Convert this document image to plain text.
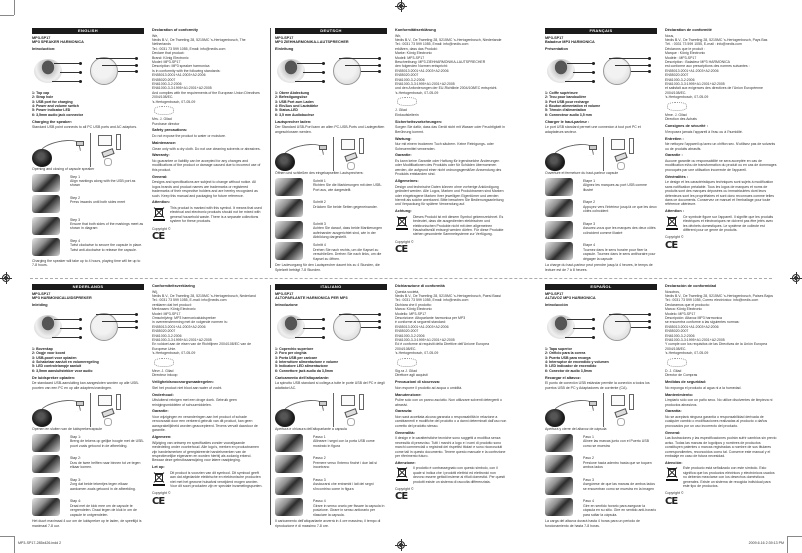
ENGLISH
MP3-SP17
MP3 SPEAKER HARMONICA
Introduction:
1: Top cap
2: Strap hole
3: USB port for charging
4: Power and volume switch
5: Power indicator LED
6: 3,5mm audio jack connector
Charging the speaker:
Standard USB point connects to all PC USB ports and AC adaptors.
Opening and closing of capsule speaker
Step 1
Align markings along with the USB port as shown
Step 2
Press inwards until both sides meet
Step 3
Ensure that both sides of the markings meet as shown in diagram
Step 4
Twist clockwise to secure the capsule in place. Twist anti-clockwise to release the capsule.
Charging the speaker will take up to 4 hours, playing time will be up to 7-8 hours.
Declaration of conformity
We,
Nedis B.V., De Tweeling 28, 5215MC 's-Hertogenbosch, The Netherlands
Tel.: 0031 73 599 1055, Email: info@nedis.com
Declare that product:
Brand: König Electronic
Model: MP3-SP17
Description: MP3 speaker harmonica
Is in conformity with the following standards:
EN55013:2001+A1:2003+A2:2006
EN55020:2007
EN61000-3-2:2006
EN61000-3-3:1995+A1:2001+A2:2005
And complies with the requirements of the European Union Directives 2004/108/EC.
's-Hertogenbosch, 07-05-09
Mrs. J. Gilad
Purchase director
Safety precautions:
Do not expose the product to water or moisture.
Maintenance:
Clean only with a dry cloth. Do not use cleaning solvents or abrasives.
Warranty:
No guarantee or liability can be accepted for any changes and modifications of the product or damage caused due to incorrect use of this product.
General:
Designs and specifications are subject to change without notice. All logos brands and product names are trademarks or registered trademarks of their respective holders and are hereby recognized as such. Keep this manual and packaging for future reference.
Attention:
This product is marked with this symbol. It means that used electrical and electronic products should not be mixed with general household waste. There is a separate collections system for these products.
Copyright ©
CE
DEUTSCH
MP3-SP17
MP3 ZIEHHARMONIKA-LAUTSPRECHER
Einleitung
1: Obere Abdeckung
2: Befestigungsöse
3: USB Port zum Laden
4: Ein/Aus und Lautstärke
5: Status-LED
6: 3,5 mm Audiobuchse
Lautsprecher laden:
Der Standard USB-Port kann an allen PC-USB-Ports und Ladegeräten angeschlossen werden.
Öffnen und schließen des eingekapselten Lautsprechers:
Schritt 1
Richten Sie die Markierungen mit dem USB-Port aus, wie dargestellt.
Schritt 2
Drücken Sie beide Seiten gegeneinander.
Schritt 3
Achten Sie darauf, dass beide Markierungen aufeinander ausgerichtet sind, wie in der Abbildung dargestellt.
Schritt 4
Drehen Sie nach rechts, um die Kapsel zu verschließen. Drehen Sie nach links, um die Kapsel zu öffnen.
Der Ladevorgang für den Lautsprecher dauert bis zu 4 Stunden, die Spielzeit beträgt 7-8 Stunden.
Konformitätserklärung
Wir,
Nedis B.V., De Tweeling 28, 5215MC 's-Hertogenbosch, Niederlande
Tel.: 0031 73 599 1055, Email: info@nedis.com
erklären, dass das Produkt:
Marke: König Electronic
Modell: MP3-SP17
Beschreibung: MP3 ZIEHHARMONIKA-LAUTSPRECHER
den folgenden Normen entspricht:
EN55013:2001+A1:2003+A2:2006
EN55020:2007
EN61000-3-2:2006
EN61000-3-3:1995+A1:2001+A2:2005
und den Anforderungen der EU-Richtlinie 2004/108/EC entspricht.
's-Hertogenbosch, 07-05-09
J. Gilad
Einkaufsleiterin
Sicherheitsvorkehrungen:
Sorgen Sie dafür, dass das Gerät nicht mit Wasser oder Feuchtigkeit in Berührung kommt.
Wartung:
Nur mit einem trockenen Tuch säubern. Keine Reinigungs- oder Scheuermittel verwenden.
Garantie:
Es kann keine Garantie oder Haftung für irgendwelche Änderungen oder Modifikationen des Produkts oder für Schäden übernommen werden, die aufgrund einer nicht ordnungsgemäßen Anwendung des Produkts entstanden sind.
Allgemeines:
Design und technische Daten können ohne vorherige Ankündigung geändert werden. Alle Logos, Marken und Produktnamen sind Marken oder eingetragene Marken ihrer jeweiligen Eigentümer und werden hiermit als solche anerkannt. Bitte bewahren Sie Bedienungsanleitung und Verpackung für spätere Verwendung auf.
Achtung:
Dieses Produkt ist mit diesem Symbol gekennzeichnet. Es bedeutet, dass die ausgedienten elektrischen und elektronischen Produkte nicht mit dem allgemeinen Haushaltsmüll entsorgt werden dürfen. Für diese Produkte stehen gesonderte Sammelsysteme zur Verfügung.
Copyright ©
CE
FRANÇAIS
MP3-SP17
Baladeur MP3 HARMONICA
Présentation
1: Coiffe supérieure
2: Trou pour bandoulière
3: Port USB pour recharge
4: Bouton alimentation et volume
5: Témoin d'alimentation
6: Connecteur audio 3,5 mm
Charger le haut-parleur :
Le port USB standard permet une connexion à tout port PC et adaptateurs secteur.
Ouverture et fermeture du haut-parleur capsule
Etape 1
Alignez les marques au port USB comme illustré
Etape 2
Appuyez vers l'intérieur jusqu'à ce que les deux côtés coïncident
Etape 3
Assurez-vous que les marques des deux côtés coïncident comme illustré
Etape 4
Tournez dans le sens horaire pour fixer la capsule. Tournez dans le sens antihoraire pour dégager la capsule
La charge du haut-parleur peut prendre jusqu'à 4 heures, le temps de lecture est de 7 à 8 heures.
Déclaration de conformité
Nous,
Nedis B.V., De Tweeling 28, 5215MC 's-Hertogenbosch, Pays Bas
Tél. : 0031 73 599 1055, E-mail : info@nedis.com
Déclarons que le produit :
Marque : König Electronic
Modèle : MP3-SP17
Description : Baladeur MP3 HARMONICA
est conforme aux prescriptions des normes suivantes :
EN55013:2001+A1:2003+A2:2006
EN55020:2007
EN61000-3-2:2006
EN61000-3-3:1995+A1:2001+A2:2005
et satisfait aux exigences des directives de l'Union Européenne 2004/108/EC.
's-Hertogenbosch, 07-05-09
Mme. J. Gilad
Direction des Achats
Consignes de sécurité :
N'exposez jamais l'appareil à l'eau ou à l'humidité.
Entretien :
Ne nettoyez l'appareil qu'avec un chiffon sec. N'utilisez pas de solvants ou de produits abrasifs.
Garantie :
Aucune garantie ou responsabilité ne sera acceptée en cas de modification et/ou de transformation du produit ou en cas de dommages provoqués par une utilisation incorrecte de l'appareil.
Généralités :
Le design et les caractéristiques techniques sont sujets à modification sans notification préalable. Tous les logos de marques et noms de produits sont des marques déposées ou immatriculées dont leurs détenteurs sont les propriétaires et sont donc reconnues comme telles dans ce documents. Conservez ce manuel et l'emballage pour toute référence ultérieure.
Attention :
Ce symbole figure sur l'appareil. Il signifie que les produits électriques et électroniques ne doivent pas être jetés avec les déchets domestiques. Le système de collecte est différent pour ce genre de produits.
Copyright ©
CE
NEDERLANDS
MP3-SP17
MP3 HARMONICALUIDSPREKER
Inleiding
1: Bovenkap
2: Oogje voor koord
3: USB-poort voor opladen
4: Schakelaar aan/uit en volumeregeling
5: LED controlelampje aan/uit
6: 3,5mm aansluitstekker voor audio
De luidspreker opladen:
De standaard USB-aansluiting kan aangesloten worden op alle USB-poorten van een PC en op alle adapters/voedingen.
Openen en sluiten van de luidsprekercapsule
Stap 1:
Breng de tekens op gelijke hoogte met de USB-poort zoals getoond in de afbeelding.
Stap 2:
Duw de twee helften naar binnen tot ze tegen elkaar komen.
Stap 3:
Zorg dat beide tekentjes tegen elkaar aankomen zoals getoond in de afbeelding.
Stap 4:
Draai met de klok mee om de capsule te vergrendelen. Draai tegen de klok in om de capsule te ontgrendelen.
Het duurt maximaal 4 uur om de luidspreker op te laden, de speeltijd is maximaal 7-8 uur.
Conformiteitsverklaring
Wij,
Nedis B.V., De Tweeling 28, 5215MC 's-Hertogenbosch, Nederland
Tel.: 0031 73 599 1055, E-mail: info@nedis.com
verklaren dat het product:
Merknaam: König Electronic
Model: MP3-SP17
Omschrijving: MP3 harmonicaluidspreker
in overeenstemming met de volgende normen is:
EN55013:2001+A1:2003+A2:2006
EN55020:2007
EN61000-3-2:2006
EN61000-3-3:1995+A1:2001+A2:2005
En voldoet aan de eisen van de Richtlijnen 2004/108/EC van de Europese Unie.
's-Hertogenbosch, 07-05-09
Mevr. J. Gilad
Directeur inkoop
Veiligheidsvoorzorgsmaatregelen:
Stel het product niet bloot aan water of vocht.
Onderhoud:
Uitsluitend reinigen met een droge doek. Gebruik geen reinigingsmiddelen of schuurmiddelen.
Garantie:
Voor wijzigingen en veranderingen aan het product of schade veroorzaakt door een verkeerd gebruik van dit product, kan geen aansprakelijkheid worden geaccepteerd. Tevens vervalt daardoor de garantie.
Algemeen:
Wijziging van ontwerp en specificaties zonder voorafgaande mededeling onder voorbehoud. Alle logo's, merken en productnamen zijn handelsmerken of geregistreerde handelsmerken van de respectievelijke eigenaren en worden hierbij als zodanig erkend. Bewaar deze gebruiksaanwijzing voor latere raadpleging.
Let op:
Dit product is voorzien van dit symbool. Dit symbool geeft aan dat afgedankte elektrische en elektronische producten niet met het gewone huisafval verwijderd mogen worden. Voor dit soort producten zijn er speciale inzamelingspunten.
Copyright ©
CE
ITALIANO
MP3-SP17
ALTOPARLANTE HARMONICA PER MP3
Introduzione
1: Coperchio superiore
2: Foro per cinghia
3: Porta USB per caricare
4: Interruttore alimentazione e volume
5: Indicatore LED alimentazione
6: Connettore jack audio da 3,5mm
Caricamento dell'altoparlante:
La spinotto USB standard si collega a tutte le porte USB del PC e degli adattatori AC.
Apertura e chiusura dell'altoparlante a capsula
Passo 1
Allineare i segni con la porta USB come mostrato in figura
Passo 2
Premere verso l'interno finché i due lati si incontrano
Passo 3
Assicurarsi che entrambi i lati dei segni s'incontrino come in figura
Passo 4
Girare in senso orario per fissare la capsula in posizione. Girare in senso antiorario per rilasciare la capsula.
Il caricamento dell'altoparlante avverrà in 4 ore massimo, il tempo di riproduzione è di massimo 7-8 ore.
Dichiarazione di conformità
Questa società,
Nedis B.V., De Tweeling 28, 5215MC 's-Hertogenbosch, Paesi Bassi
Tel.: 0031 73 599 1055, Email: info@nedis.com
Dichiara che il prodotto:
Marca: König Electronic
Modello: MP3-SP17
Descrizione: Altoparlante harmonica per MP3
è conforme ai seguenti standard:
EN55013:2001+A1:2003+A2:2006
EN55020:2007
EN61000-3-2:2006
EN61000-3-3:1995+A1:2001+A2:2005
Ed è conforme ai requisiti della Direttive dell'Unione Europea 2004/108/EC.
's-Hertogenbosch, 07-05-09
Sig.ra J. Gilad
Direttore agli acquisti
Precauzioni di sicurezza:
Non esporre il prodotto ad acqua o umidità.
Manutenzione:
Pulire solo con un panno asciutto. Non utilizzare solventi detergenti o abrasivi.
Garanzia:
Non sarà accettata alcuna garanzia o responsabilità in relazione a cambiamenti e modifiche del prodotto o a danni determinati dall'uso non corretto del prodotto stesso.
Generalità:
Il design e le caratteristiche tecniche sono soggetti a modifica senza necessità di preavviso. Tutti i marchi a logo e i nomi di prodotto sono marchi commerciali o registrati dei rispettivi titolari e sono riconosciuti come tali in questo documento. Tenere questo manuale e la confezione per riferimento futuro.
Attenzione:
Il prodotto è contrassegnato con questo simbolo, con il quale si indica che i prodotti elettrici ed elettronici non devono essere gettati insieme ai rifiuti domestici. Per questi prodotti esiste un sistema di raccolta differenziata.
Copyright ©
CE
ESPAÑOL
MP3-SP17
ALTAVOZ MP3 HARMONICA
Introducción
1: Tapa superior
2: Orificio para la correa
3: Puerto USB para recarga
4: Interruptor de encendido y volumen
5: LED indicador de encendido
6: Conector de audio 3,5mm
Recargar el altavoz:
El punto de conexión USB estándar permite la conexión a todos los puertos USB de PC y Adaptadores de corriente (CA).
Apertura y cierre del altavoz de cápsula
Paso 1
Alinee las marcas junto con el Puerto USB como se muestra
Paso 2
Presione hacia adentro hasta que se toquen ambos lados
Paso 3
Asegúrese de que las marcas de ambos lados se encuentran como se muestra en la imagen
Paso 4
Gire en sentido horario para asegurar la cápsula en su sitio. Gire en sentido anti-horario para soltar la cápsula.
La carga del altavoz durará hasta 4 horas para un periodo de funcionamiento de hasta 7-8 horas.
Declaración de conformidad
Nosotros,
Nedis B.V., De Tweeling 28, 5215MC 's-Hertogenbosch, Países Bajos
Tel.: 0031 73 599 1055, Correo electrónico: info@nedis.com
Declaramos que el producto:
Marca: König Electronic
Modelo: MP3-SP17
Descripción: Altavoz MP3 harmonica
se encuentra conforme a las siguientes normas:
EN55013:2001+A1:2003+A2:2006
EN55020:2007
EN61000-3-2:2006
EN61000-3-3:1995+A1:2001+A2:2005
Y cumple con los requisitos de las Directivas de la Unión Europea 2004/108/EC.
's-Hertogenbosch, 07-05-09
D. J. Gilad
Director de Compras
Medidas de seguridad:
No exponga el producto al agua ni a la humedad.
Mantenimiento:
Limpiarlo sólo con un paño seco. No utilice disolventes de limpieza ni productos abrasivos.
Garantía:
No se aceptará ninguna garantía o responsabilidad derivada de cualquier cambio o modificaciones realizadas al producto o daños provocados por un uso incorrecto del producto.
General:
Las ilustraciones y las especificaciones podrán sufrir cambios sin previo aviso. Todas las marcas de logotipos y nombres de productos constituyen patentes o marcas registradas a nombre de sus titulares correspondientes, reconocidos como tal. Conserve este manual y el embalaje en caso de futura necesidad.
Atención:
Este producto está señalizado con este símbolo. Esto significa que los productos eléctricos y electrónicos usados no deberán mezclarse con los desechos domésticos generales. Existe un sistema de recogida individual para este tipo de productos.
Copyright ©
CE
MP3-SP17-285x426.indd 2	2009.6.16 2:39:13 PM
